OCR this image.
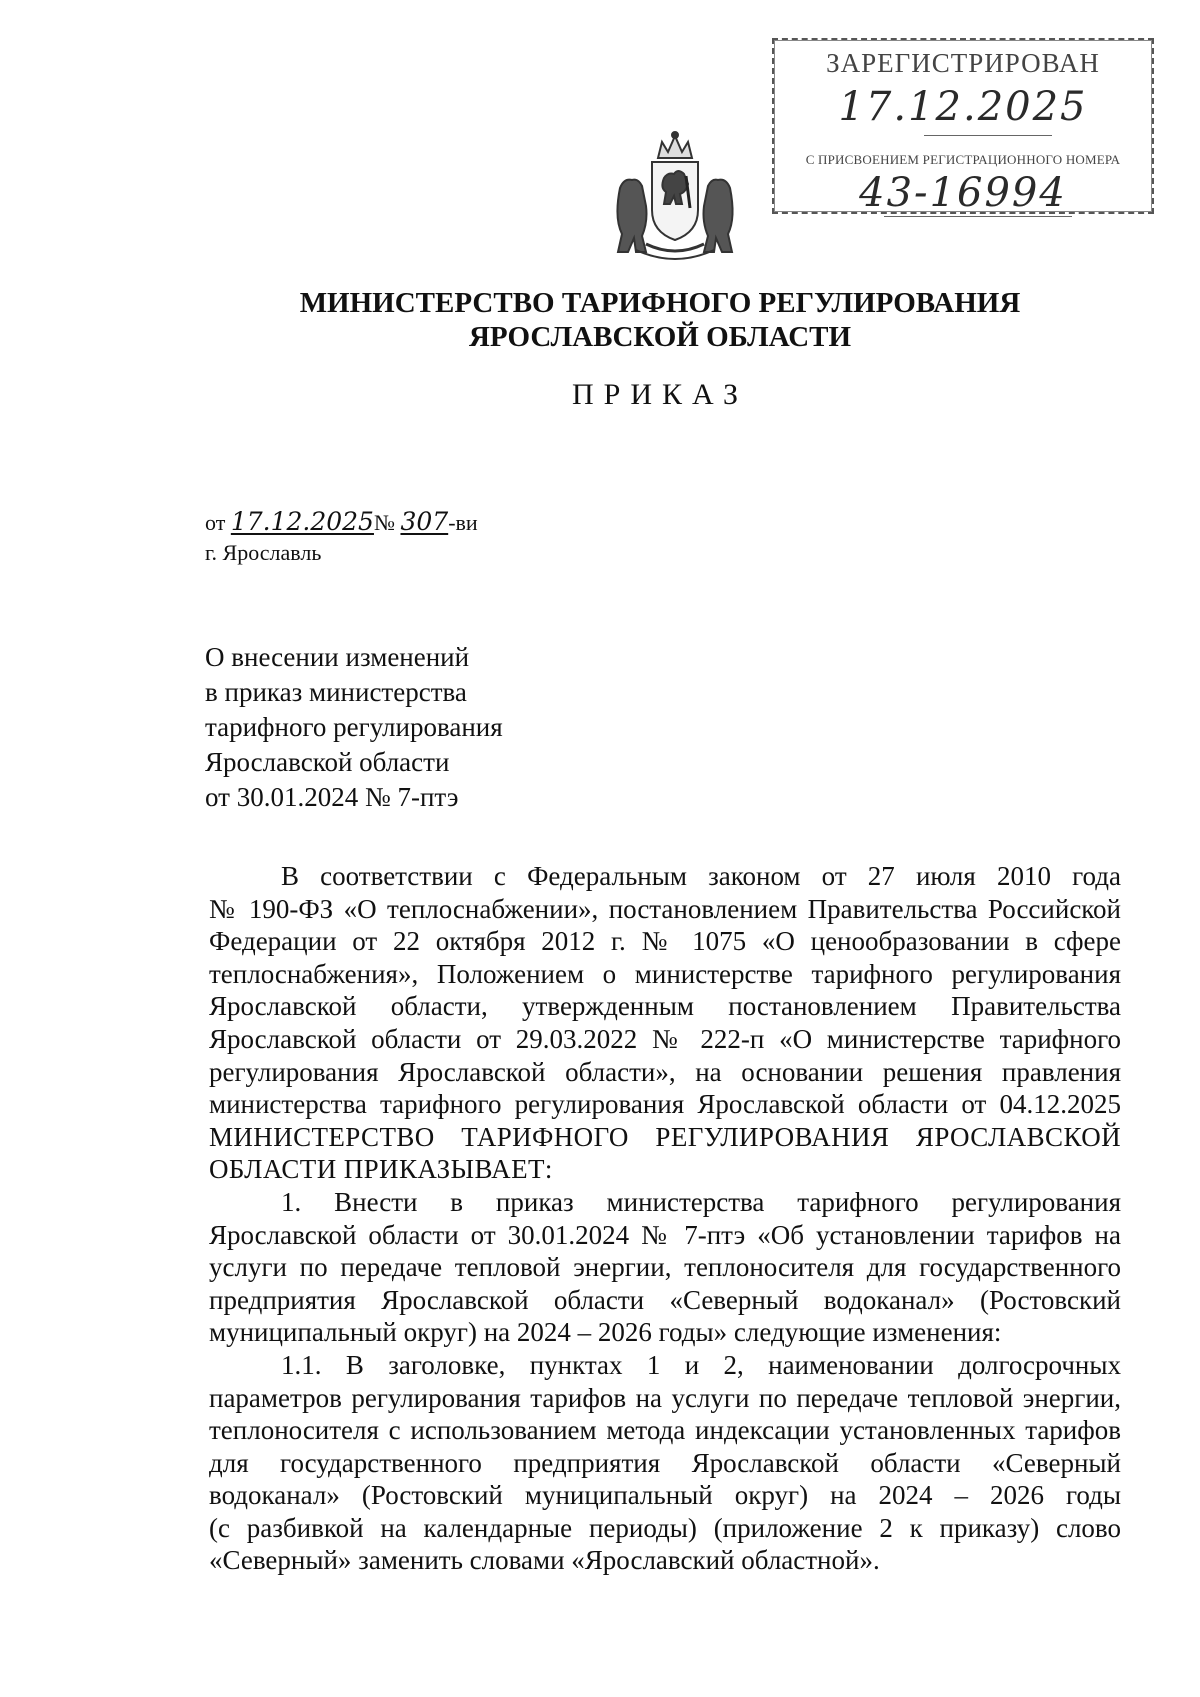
ЗАРЕГИСТРИРОВАН
17.12.2025
С ПРИСВОЕНИЕМ РЕГИСТРАЦИОННОГО НОМЕРА
43-16994
МИНИСТЕРСТВО ТАРИФНОГО РЕГУЛИРОВАНИЯ
ЯРОСЛАВСКОЙ ОБЛАСТИ
ПРИКАЗ
от 17.12.2025№ 307-ви
г. Ярославль
О внесении изменений
в приказ министерства
тарифного регулирования
Ярославской области
от 30.01.2024 № 7-птэ

В соответствии с Федеральным законом от 27 июля 2010 года

№ 190-ФЗ «О теплоснабжении», постановлением Правительства Российской

Федерации от 22 октября 2012 г. № 1075 «О ценообразовании в сфере

теплоснабжения», Положением о министерстве тарифного регулирования

Ярославской области, утвержденным постановлением Правительства

Ярославской области от 29.03.2022 № 222-п «О министерстве тарифного

регулирования Ярославской области», на основании решения правления

министерства тарифного регулирования Ярославской области от 04.12.2025

МИНИСТЕРСТВО ТАРИФНОГО РЕГУЛИРОВАНИЯ ЯРОСЛАВСКОЙ

ОБЛАСТИ ПРИКАЗЫВАЕТ:

1. Внести в приказ министерства тарифного регулирования

Ярославской области от 30.01.2024 № 7-птэ «Об установлении тарифов на

услуги по передаче тепловой энергии, теплоносителя для государственного

предприятия Ярославской области «Северный водоканал» (Ростовский

муниципальный округ) на 2024 – 2026 годы» следующие изменения:

1.1. В заголовке, пунктах 1 и 2, наименовании долгосрочных

параметров регулирования тарифов на услуги по передаче тепловой энергии,

теплоносителя с использованием метода индексации установленных тарифов

для государственного предприятия Ярославской области «Северный

водоканал» (Ростовский муниципальный округ) на 2024 – 2026 годы

(с разбивкой на календарные периоды) (приложение 2 к приказу) слово

«Северный» заменить словами «Ярославский областной».
